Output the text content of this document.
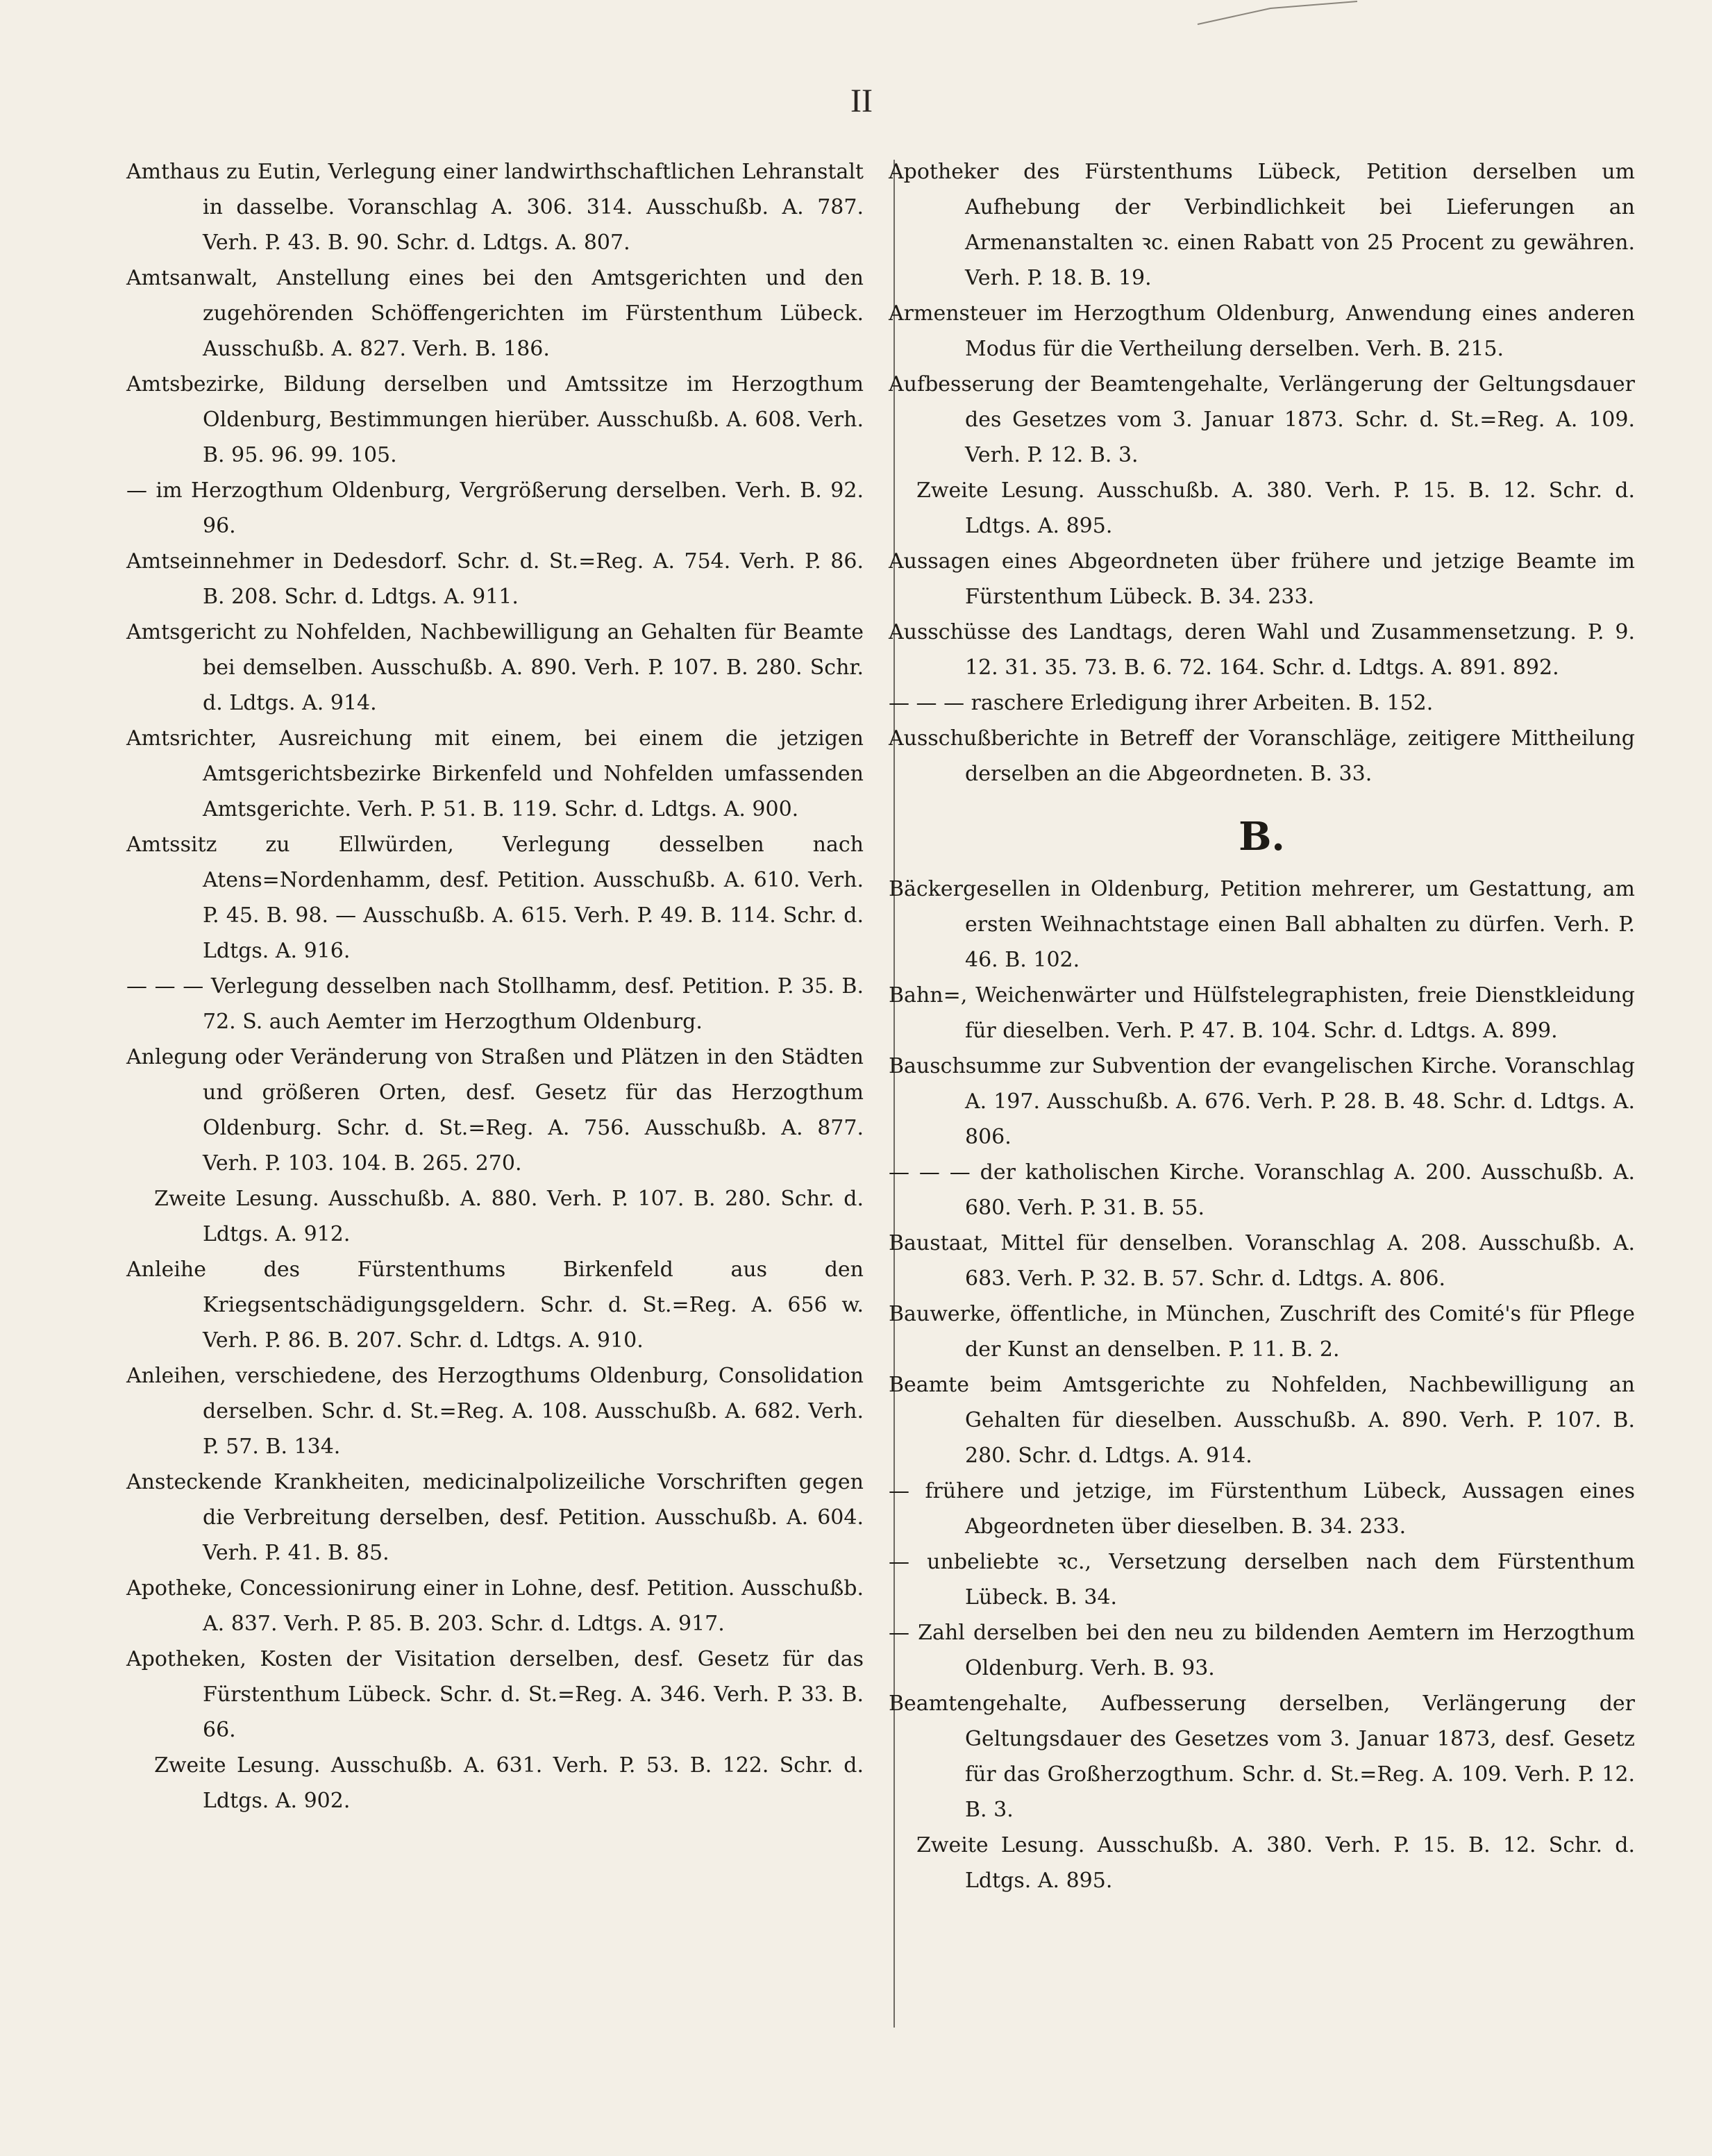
II
Amthaus zu Eutin, Verlegung einer landwirthschaftlichen Lehranstalt in dasselbe. Voranschlag A. 306. 314. Ausschußb. A. 787. Verh. P. 43. B. 90. Schr. d. Ldtgs. A. 807.
Amtsanwalt, Anstellung eines bei den Amtsgerichten und den zugehörenden Schöffengerichten im Fürstenthum Lübeck. Ausschußb. A. 827. Verh. B. 186.
Amtsbezirke, Bildung derselben und Amtssitze im Herzogthum Oldenburg, Bestimmungen hierüber. Ausschußb. A. 608. Verh. B. 95. 96. 99. 105.
— im Herzogthum Oldenburg, Vergrößerung derselben. Verh. B. 92. 96.
Amtseinnehmer in Dedesdorf. Schr. d. St.=Reg. A. 754. Verh. P. 86. B. 208. Schr. d. Ldtgs. A. 911.
Amtsgericht zu Nohfelden, Nachbewilligung an Gehalten für Beamte bei demselben. Ausschußb. A. 890. Verh. P. 107. B. 280. Schr. d. Ldtgs. A. 914.
Amtsrichter, Ausreichung mit einem, bei einem die jetzigen Amtsgerichtsbezirke Birkenfeld und Nohfelden umfassenden Amtsgerichte. Verh. P. 51. B. 119. Schr. d. Ldtgs. A. 900.
Amtssitz zu Ellwürden, Verlegung desselben nach Atens=Nordenhamm, desf. Petition. Ausschußb. A. 610. Verh. P. 45. B. 98. — Ausschußb. A. 615. Verh. P. 49. B. 114. Schr. d. Ldtgs. A. 916.
— — — Verlegung desselben nach Stollhamm, desf. Petition. P. 35. B. 72. S. auch Aemter im Herzogthum Oldenburg.
Anlegung oder Veränderung von Straßen und Plätzen in den Städten und größeren Orten, desf. Gesetz für das Herzogthum Oldenburg. Schr. d. St.=Reg. A. 756. Ausschußb. A. 877. Verh. P. 103. 104. B. 265. 270.
Zweite Lesung. Ausschußb. A. 880. Verh. P. 107. B. 280. Schr. d. Ldtgs. A. 912.
Anleihe des Fürstenthums Birkenfeld aus den Kriegsentschädigungsgeldern. Schr. d. St.=Reg. A. 656 w. Verh. P. 86. B. 207. Schr. d. Ldtgs. A. 910.
Anleihen, verschiedene, des Herzogthums Oldenburg, Consolidation derselben. Schr. d. St.=Reg. A. 108. Ausschußb. A. 682. Verh. P. 57. B. 134.
Ansteckende Krankheiten, medicinalpolizeiliche Vorschriften gegen die Verbreitung derselben, desf. Petition. Ausschußb. A. 604. Verh. P. 41. B. 85.
Apotheke, Concessionirung einer in Lohne, desf. Petition. Ausschußb. A. 837. Verh. P. 85. B. 203. Schr. d. Ldtgs. A. 917.
Apotheken, Kosten der Visitation derselben, desf. Gesetz für das Fürstenthum Lübeck. Schr. d. St.=Reg. A. 346. Verh. P. 33. B. 66.
Zweite Lesung. Ausschußb. A. 631. Verh. P. 53. B. 122. Schr. d. Ldtgs. A. 902.
Apotheker des Fürstenthums Lübeck, Petition derselben um Aufhebung der Verbindlichkeit bei Lieferungen an Armenanstalten ꝛc. einen Rabatt von 25 Procent zu gewähren. Verh. P. 18. B. 19.
Armensteuer im Herzogthum Oldenburg, Anwendung eines anderen Modus für die Vertheilung derselben. Verh. B. 215.
Aufbesserung der Beamtengehalte, Verlängerung der Geltungsdauer des Gesetzes vom 3. Januar 1873. Schr. d. St.=Reg. A. 109. Verh. P. 12. B. 3.
Zweite Lesung. Ausschußb. A. 380. Verh. P. 15. B. 12. Schr. d. Ldtgs. A. 895.
Aussagen eines Abgeordneten über frühere und jetzige Beamte im Fürstenthum Lübeck. B. 34. 233.
Ausschüsse des Landtags, deren Wahl und Zusammensetzung. P. 9. 12. 31. 35. 73. B. 6. 72. 164. Schr. d. Ldtgs. A. 891. 892.
— — — raschere Erledigung ihrer Arbeiten. B. 152.
Ausschußberichte in Betreff der Voranschläge, zeitigere Mittheilung derselben an die Abgeordneten. B. 33.
B.
Bäckergesellen in Oldenburg, Petition mehrerer, um Gestattung, am ersten Weihnachtstage einen Ball abhalten zu dürfen. Verh. P. 46. B. 102.
Bahn=, Weichenwärter und Hülfstelegraphisten, freie Dienstkleidung für dieselben. Verh. P. 47. B. 104. Schr. d. Ldtgs. A. 899.
Bauschsumme zur Subvention der evangelischen Kirche. Voranschlag A. 197. Ausschußb. A. 676. Verh. P. 28. B. 48. Schr. d. Ldtgs. A. 806.
— — — der katholischen Kirche. Voranschlag A. 200. Ausschußb. A. 680. Verh. P. 31. B. 55.
Baustaat, Mittel für denselben. Voranschlag A. 208. Ausschußb. A. 683. Verh. P. 32. B. 57. Schr. d. Ldtgs. A. 806.
Bauwerke, öffentliche, in München, Zuschrift des Comité's für Pflege der Kunst an denselben. P. 11. B. 2.
Beamte beim Amtsgerichte zu Nohfelden, Nachbewilligung an Gehalten für dieselben. Ausschußb. A. 890. Verh. P. 107. B. 280. Schr. d. Ldtgs. A. 914.
— frühere und jetzige, im Fürstenthum Lübeck, Aussagen eines Abgeordneten über dieselben. B. 34. 233.
— unbeliebte ꝛc., Versetzung derselben nach dem Fürstenthum Lübeck. B. 34.
— Zahl derselben bei den neu zu bildenden Aemtern im Herzogthum Oldenburg. Verh. B. 93.
Beamtengehalte, Aufbesserung derselben, Verlängerung der Geltungsdauer des Gesetzes vom 3. Januar 1873, desf. Gesetz für das Großherzogthum. Schr. d. St.=Reg. A. 109. Verh. P. 12. B. 3.
Zweite Lesung. Ausschußb. A. 380. Verh. P. 15. B. 12. Schr. d. Ldtgs. A. 895.
